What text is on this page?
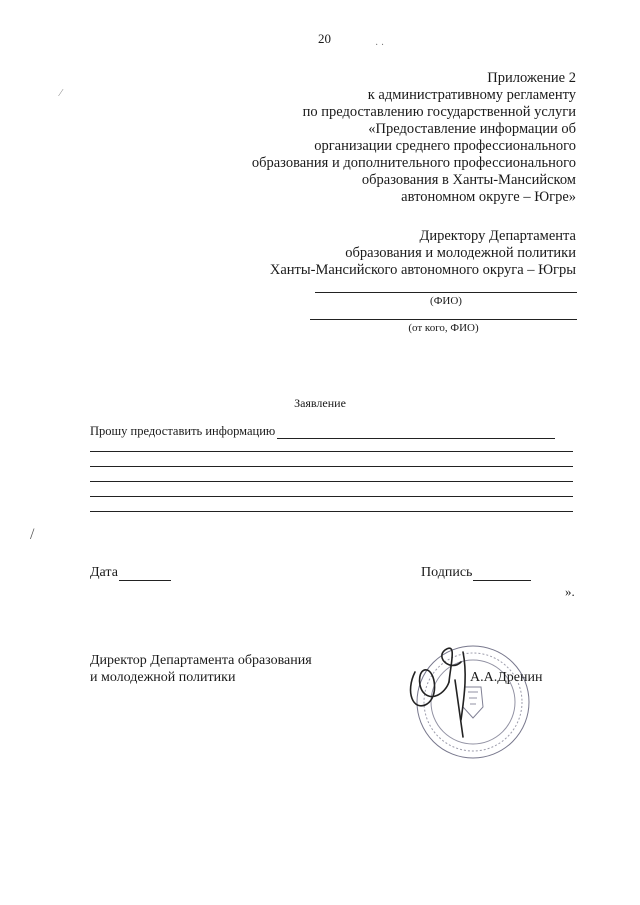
20	· ·
⁄
/
Приложение 2
к административному регламенту
по предоставлению государственной услуги
«Предоставление информации об
организации среднего профессионального
образования и дополнительного профессионального
образования в Ханты-Мансийском
автономном округе – Югре»
Директору Департамента
образования и молодежной политики
Ханты-Мансийского автономного округа – Югры
(ФИО)
(от кого, ФИО)
Заявление
Прошу предоставить информацию
Дата	Подпись
».
Директор Департамента образования
и молодежной политики	А.А.Дренин
